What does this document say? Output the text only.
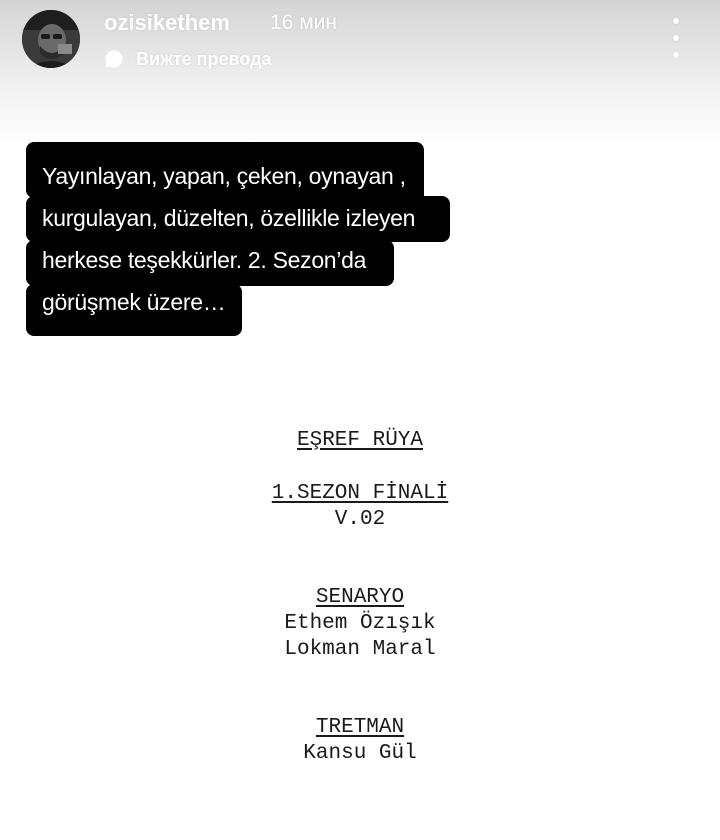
Yayınlayan, yapan, çeken, oynayan ,
kurgulayan, düzelten, özellikle izleyen
herkese teşekkürler. 2. Sezon’da
görüşmek üzere…
ozisikethem 16 мин
Вижте превода
EŞREF RÜYA
1.SEZON FİNALİ
V.02
SENARYO
Ethem Özışık
Lokman Maral
TRETMAN
Kansu Gül
